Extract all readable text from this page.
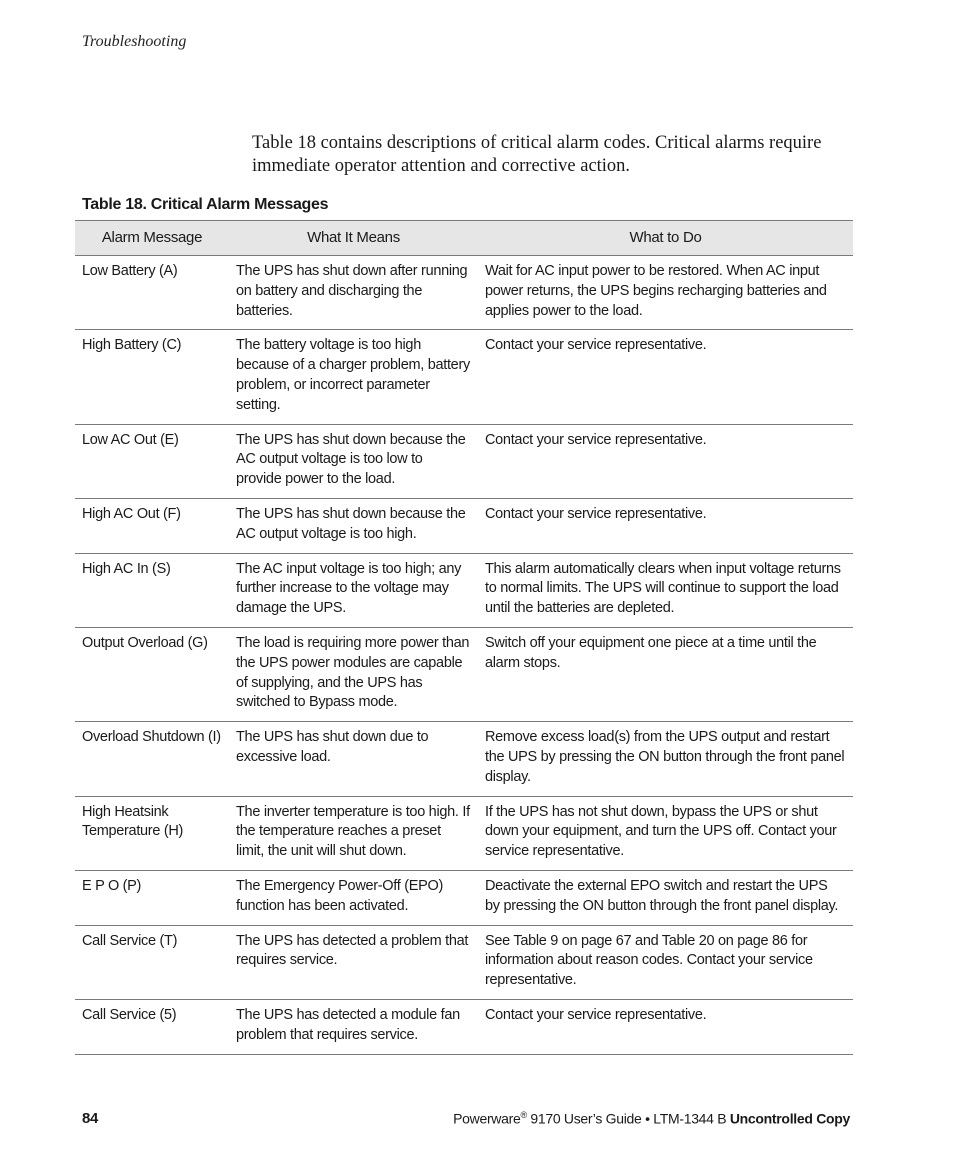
Troubleshooting

Table 18 contains descriptions of critical alarm codes. Critical alarms require immediate operator attention and corrective action.

Table 18. Critical Alarm Messages
Alarm Message	What It Means	What to Do
Low Battery (A)	The UPS has shut down after running on battery and discharging the batteries.	Wait for AC input power to be restored. When AC input power returns, the UPS begins recharging batteries and applies power to the load.
High Battery (C)	The battery voltage is too high because of a charger problem, battery problem, or incorrect parameter setting.	Contact your service representative.
Low AC Out (E)	The UPS has shut down because the AC output voltage is too low to provide power to the load.	Contact your service representative.
High AC Out (F)	The UPS has shut down because the AC output voltage is too high.	Contact your service representative.
High AC In (S)	The AC input voltage is too high; any further increase to the voltage may damage the UPS.	This alarm automatically clears when input voltage returns to normal limits. The UPS will continue to support the load until the batteries are depleted.
Output Overload (G)	The load is requiring more power than the UPS power modules are capable of supplying, and the UPS has switched to Bypass mode.	Switch off your equipment one piece at a time until the alarm stops.
Overload Shutdown (I)	The UPS has shut down due to excessive load.	Remove excess load(s) from the UPS output and restart the UPS by pressing the ON button through the front panel display.
High Heatsink Temperature (H)	The inverter temperature is too high. If the temperature reaches a preset limit, the unit will shut down.	If the UPS has not shut down, bypass the UPS or shut down your equipment, and turn the UPS off. Contact your service representative.
E P O (P)	The Emergency Power-Off (EPO) function has been activated.	Deactivate the external EPO switch and restart the UPS by pressing the ON button through the front panel display.
Call Service (T)	The UPS has detected a problem that requires service.	See Table 9 on page 67 and Table 20 on page 86 for information about reason codes. Contact your service representative.
Call Service (5)	The UPS has detected a module fan problem that requires service.	Contact your service representative.
84	Powerware® 9170 User’s Guide • LTM-1344 B Uncontrolled Copy
